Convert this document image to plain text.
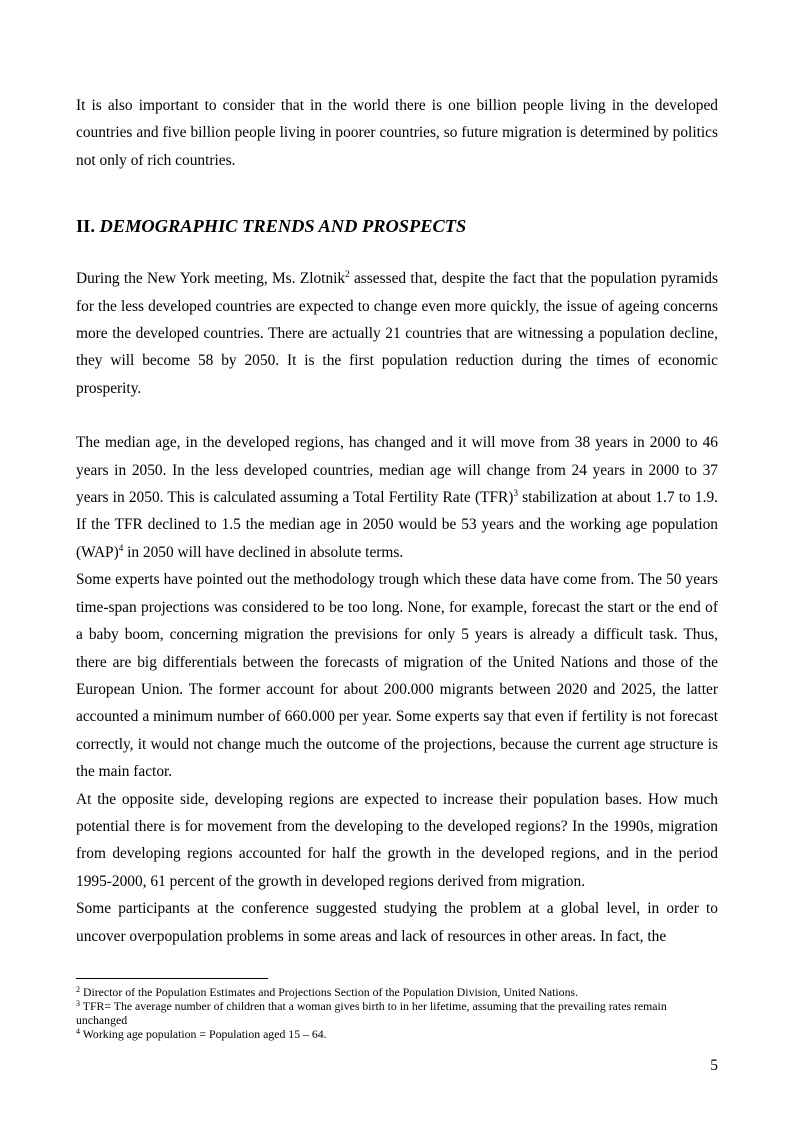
It is also important to consider that in the world there is one billion people living in the developed countries and five billion people living in poorer countries, so future migration is determined by politics not only of rich countries.

II. DEMOGRAPHIC TRENDS AND PROSPECTS

During the New York meeting, Ms. Zlotnik$^2$ assessed that, despite the fact that the population pyramids for the less developed countries are expected to change even more quickly, the issue of ageing concerns more the developed countries. There are actually 21 countries that are witnessing a population decline, they will become 58 by 2050. It is the first population reduction during the times of economic prosperity.

The median age, in the developed regions, has changed and it will move from 38 years in 2000 to 46 years in 2050. In the less developed countries, median age will change from 24 years in 2000 to 37 years in 2050. This is calculated assuming a Total Fertility Rate (TFR)$^3$ stabilization at about 1.7 to 1.9. If the TFR declined to 1.5 the median age in 2050 would be 53 years and the working age population (WAP)$^4$ in 2050 will have declined in absolute terms.

Some experts have pointed out the methodology trough which these data have come from. The 50 years time-span projections was considered to be too long. None, for example, forecast the start or the end of a baby boom, concerning migration the previsions for only 5 years is already a difficult task. Thus, there are big differentials between the forecasts of migration of the United Nations and those of the European Union. The former account for about 200.000 migrants between 2020 and 2025, the latter accounted a minimum number of 660.000 per year. Some experts say that even if fertility is not forecast correctly, it would not change much the outcome of the projections, because the current age structure is the main factor.

At the opposite side, developing regions are expected to increase their population bases. How much potential there is for movement from the developing to the developed regions? In the 1990s, migration from developing regions accounted for half the growth in the developed regions, and in the period 1995-2000, 61 percent of the growth in developed regions derived from migration.

Some participants at the conference suggested studying the problem at a global level, in order to uncover overpopulation problems in some areas and lack of resources in other areas. In fact, the

$^2$ Director of the Population Estimates and Projections Section of the Population Division, United Nations.

$^3$ TFR= The average number of children that a woman gives birth to in her lifetime, assuming that the prevailing rates remain unchanged

$^4$ Working age population = Population aged 15 – 64.

5
